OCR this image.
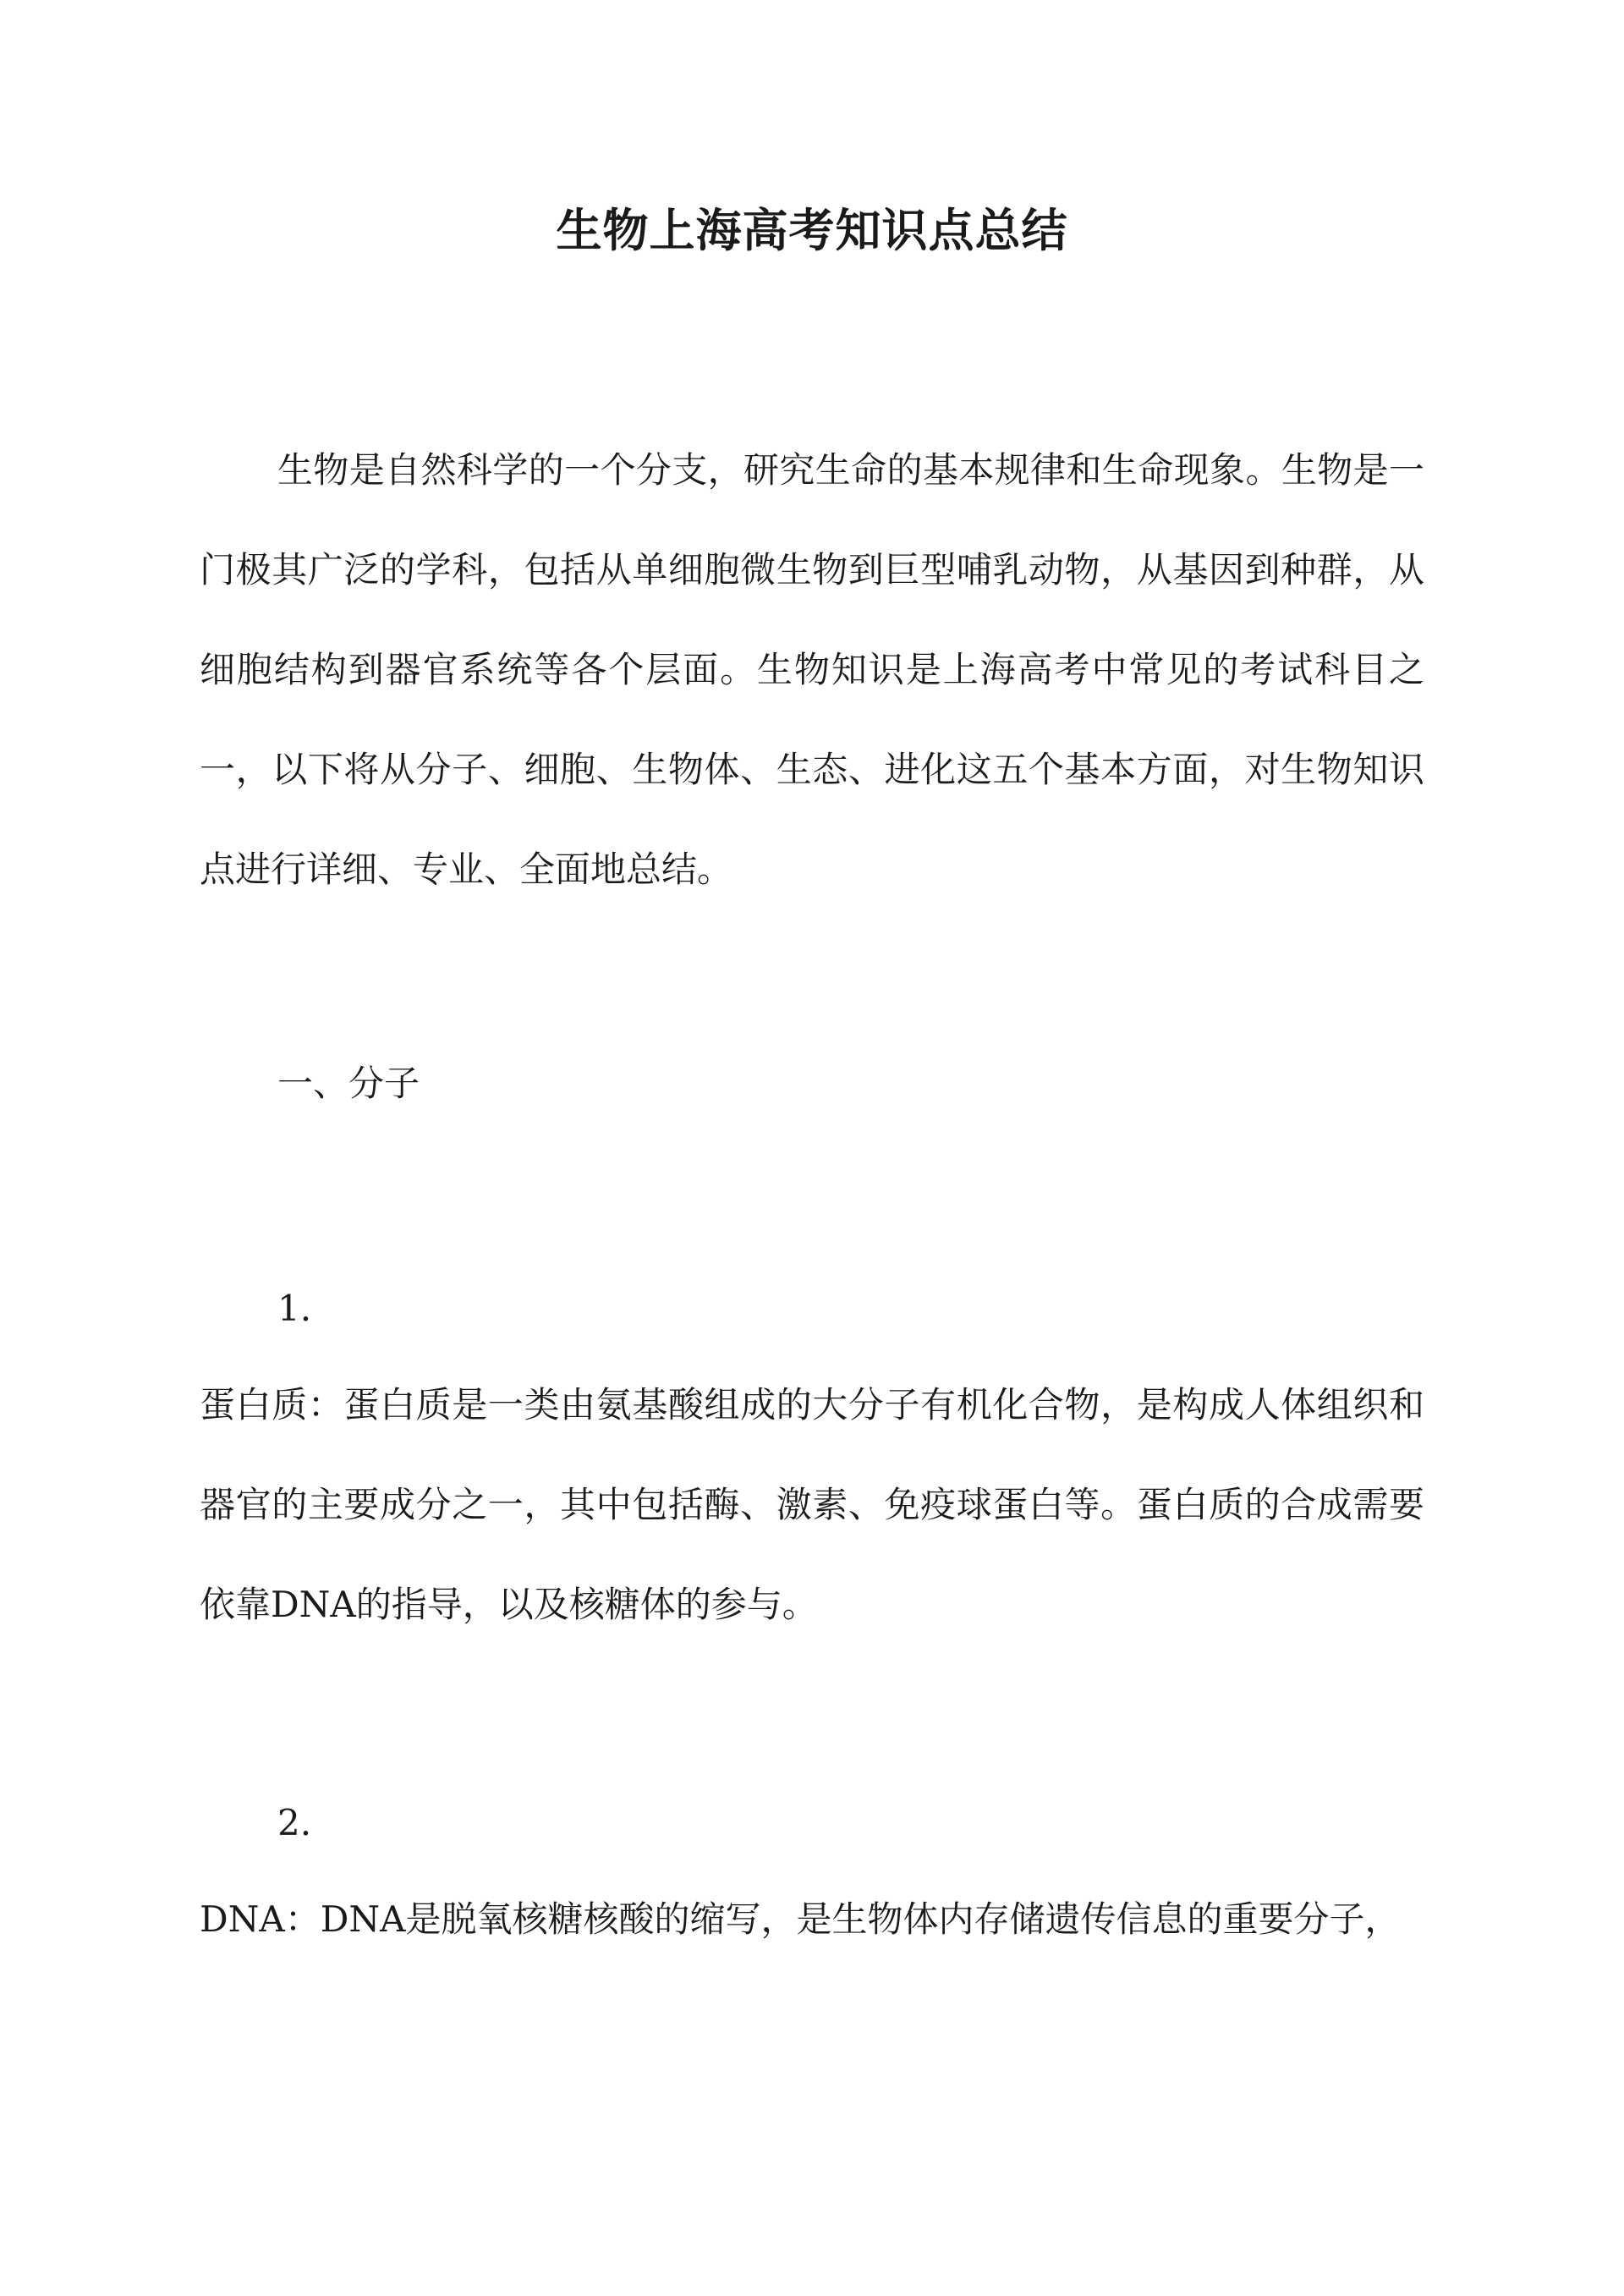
生物上海高考知识点总结

生物是自然科学的一个分支，研究生命的基本规律和生命现象。生物是一门极其广泛的学科，包括从单细胞微生物到巨型哺乳动物，从基因到种群，从细胞结构到器官系统等各个层面。生物知识是上海高考中常见的考试科目之一，以下将从分子、细胞、生物体、生态、进化这五个基本方面，对生物知识点进行详细、专业、全面地总结。

一、分子

1.

蛋白质：蛋白质是一类由氨基酸组成的大分子有机化合物，是构成人体组织和器官的主要成分之一，其中包括酶、激素、免疫球蛋白等。蛋白质的合成需要依靠DNA的指导，以及核糖体的参与。

2.

DNA：DNA是脱氧核糖核酸的缩写，是生物体内存储遗传信息的重要分子，
